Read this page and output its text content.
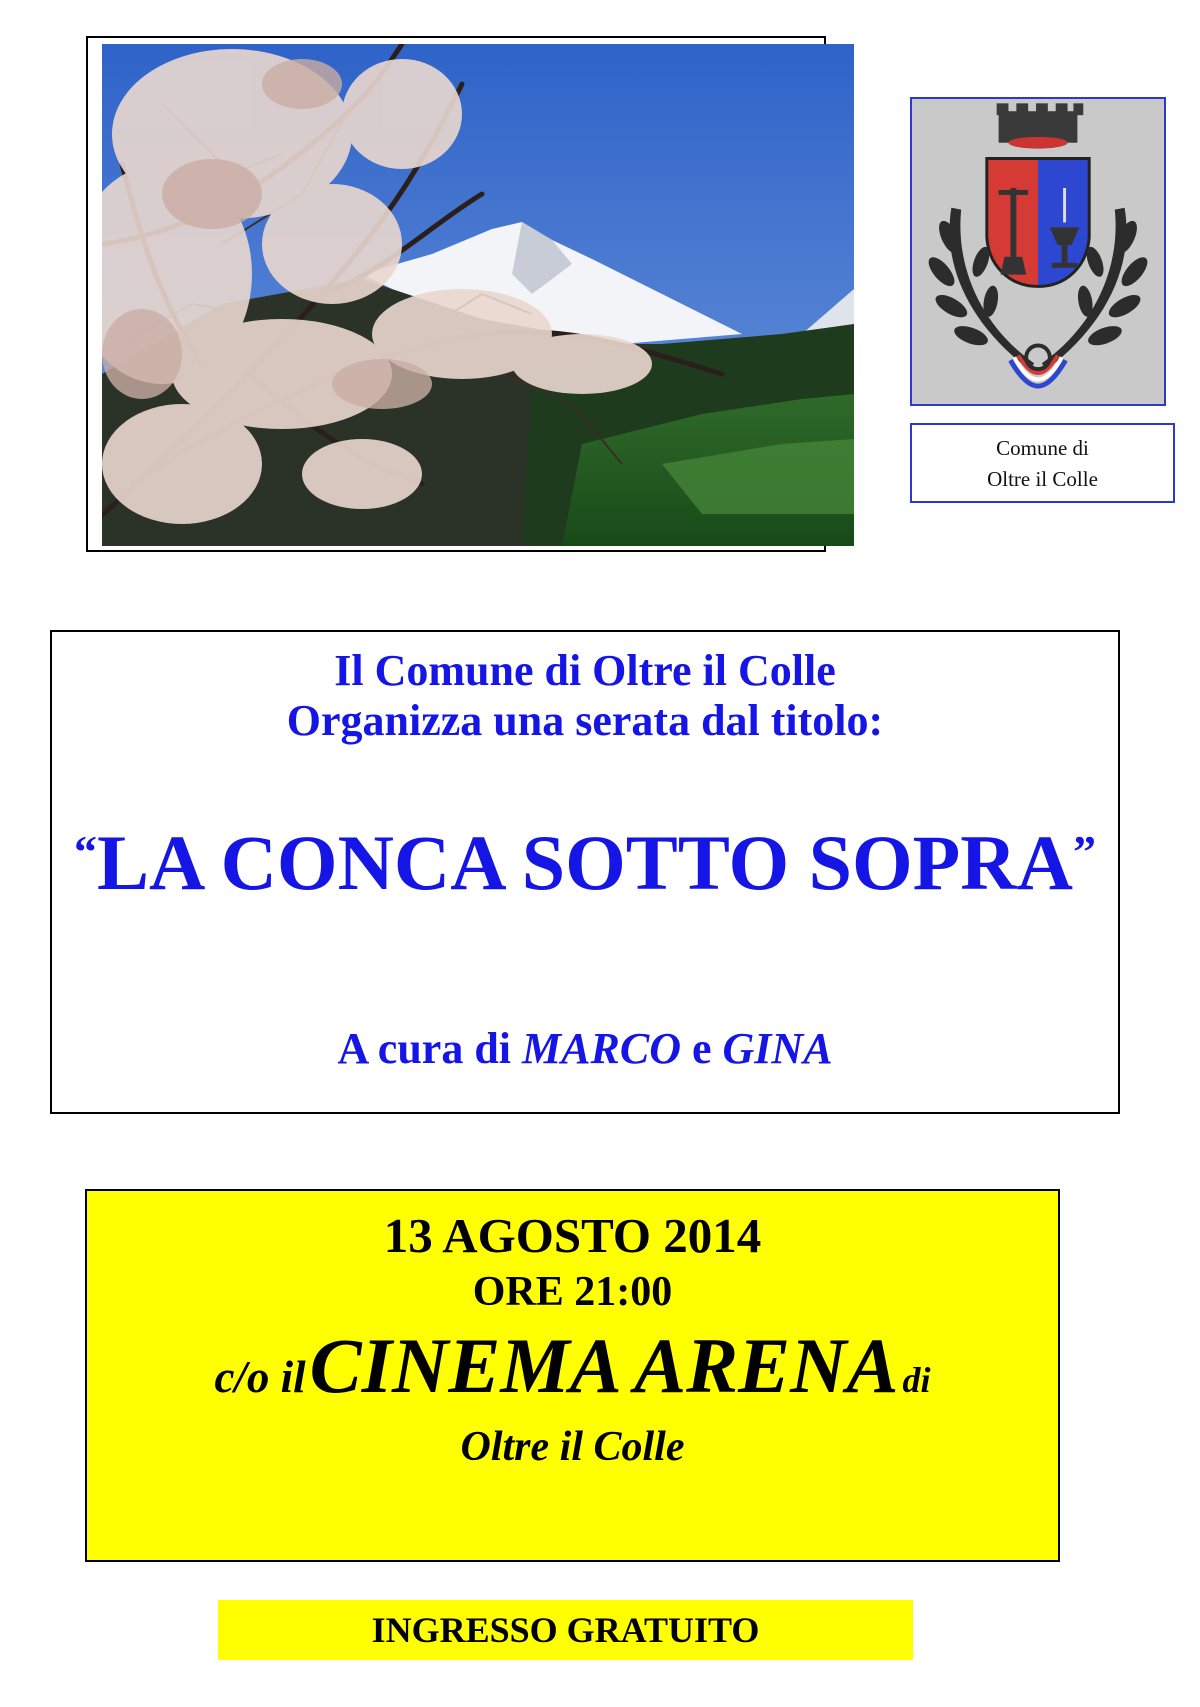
Comune di
Oltre il Colle
Il Comune di Oltre il Colle
Organizza una serata dal titolo:
“LA CONCA SOTTO SOPRA”
A cura di MARCO e GINA
13 AGOSTO 2014
ORE 21:00
c/o il CINEMA ARENA di
Oltre il Colle
INGRESSO GRATUITO
